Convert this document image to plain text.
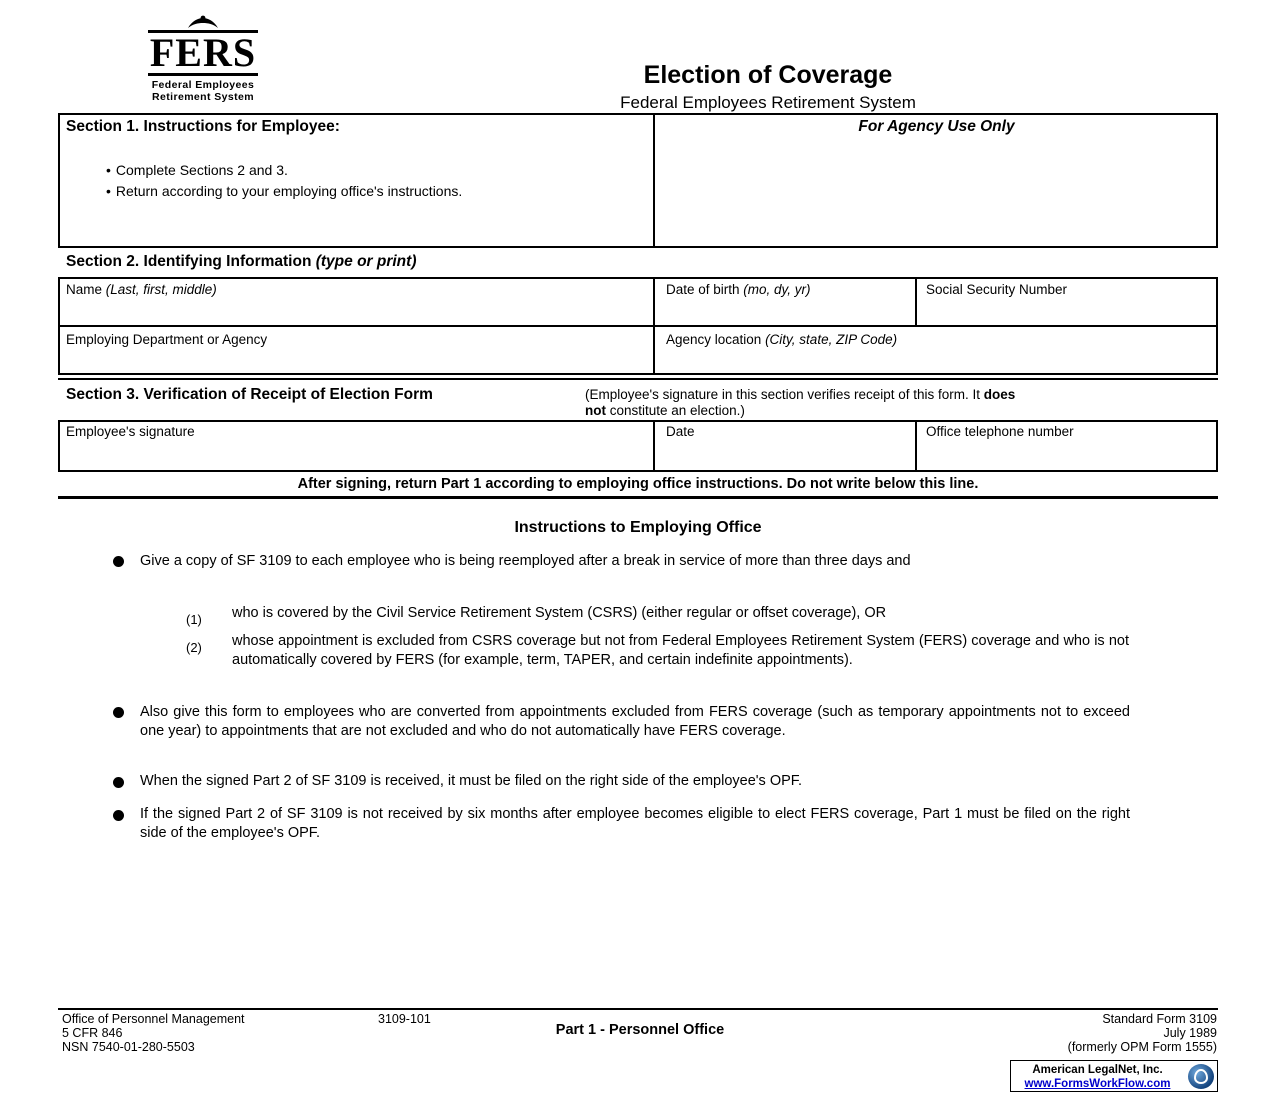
FERS
Federal Employees
Retirement System
Election of Coverage
Federal Employees Retirement System
Section 1. Instructions for Employee:	For Agency Use Only
• Complete Sections 2 and 3.
• Return according to your employing office's instructions.
Section 2. Identifying Information (type or print)
Name (Last, first, middle)	Date of birth (mo, dy, yr)	Social Security Number
Employing Department or Agency	Agency location (City, state, ZIP Code)
Section 3. Verification of Receipt of Election Form	(Employee's signature in this section verifies receipt of this form. It does
not constitute an election.)
Employee's signature	Date	Office telephone number
After signing, return Part 1 according to employing office instructions. Do not write below this line.
Instructions to Employing Office
Give a copy of SF 3109 to each employee who is being reemployed after a break in service of more than three days and
(1) who is covered by the Civil Service Retirement System (CSRS) (either regular or offset coverage), OR
(2) whose appointment is excluded from CSRS coverage but not from Federal Employees Retirement System (FERS) coverage and who is not automatically covered by FERS (for example, term, TAPER, and certain indefinite appointments).
Also give this form to employees who are converted from appointments excluded from FERS coverage (such as temporary appointments not to exceed one year) to appointments that are not excluded and who do not automatically have FERS coverage.
When the signed Part 2 of SF 3109 is received, it must be filed on the right side of the employee's OPF.
If the signed Part 2 of SF 3109 is not received by six months after employee becomes eligible to elect FERS coverage, Part 1 must be filed on the right side of the employee's OPF.
Office of Personnel Management
5 CFR 846
NSN 7540-01-280-5503
3109-101
Part 1 - Personnel Office
Standard Form 3109
July 1989
(formerly OPM Form 1555)
American LegalNet, Inc.
www.FormsWorkFlow.com
